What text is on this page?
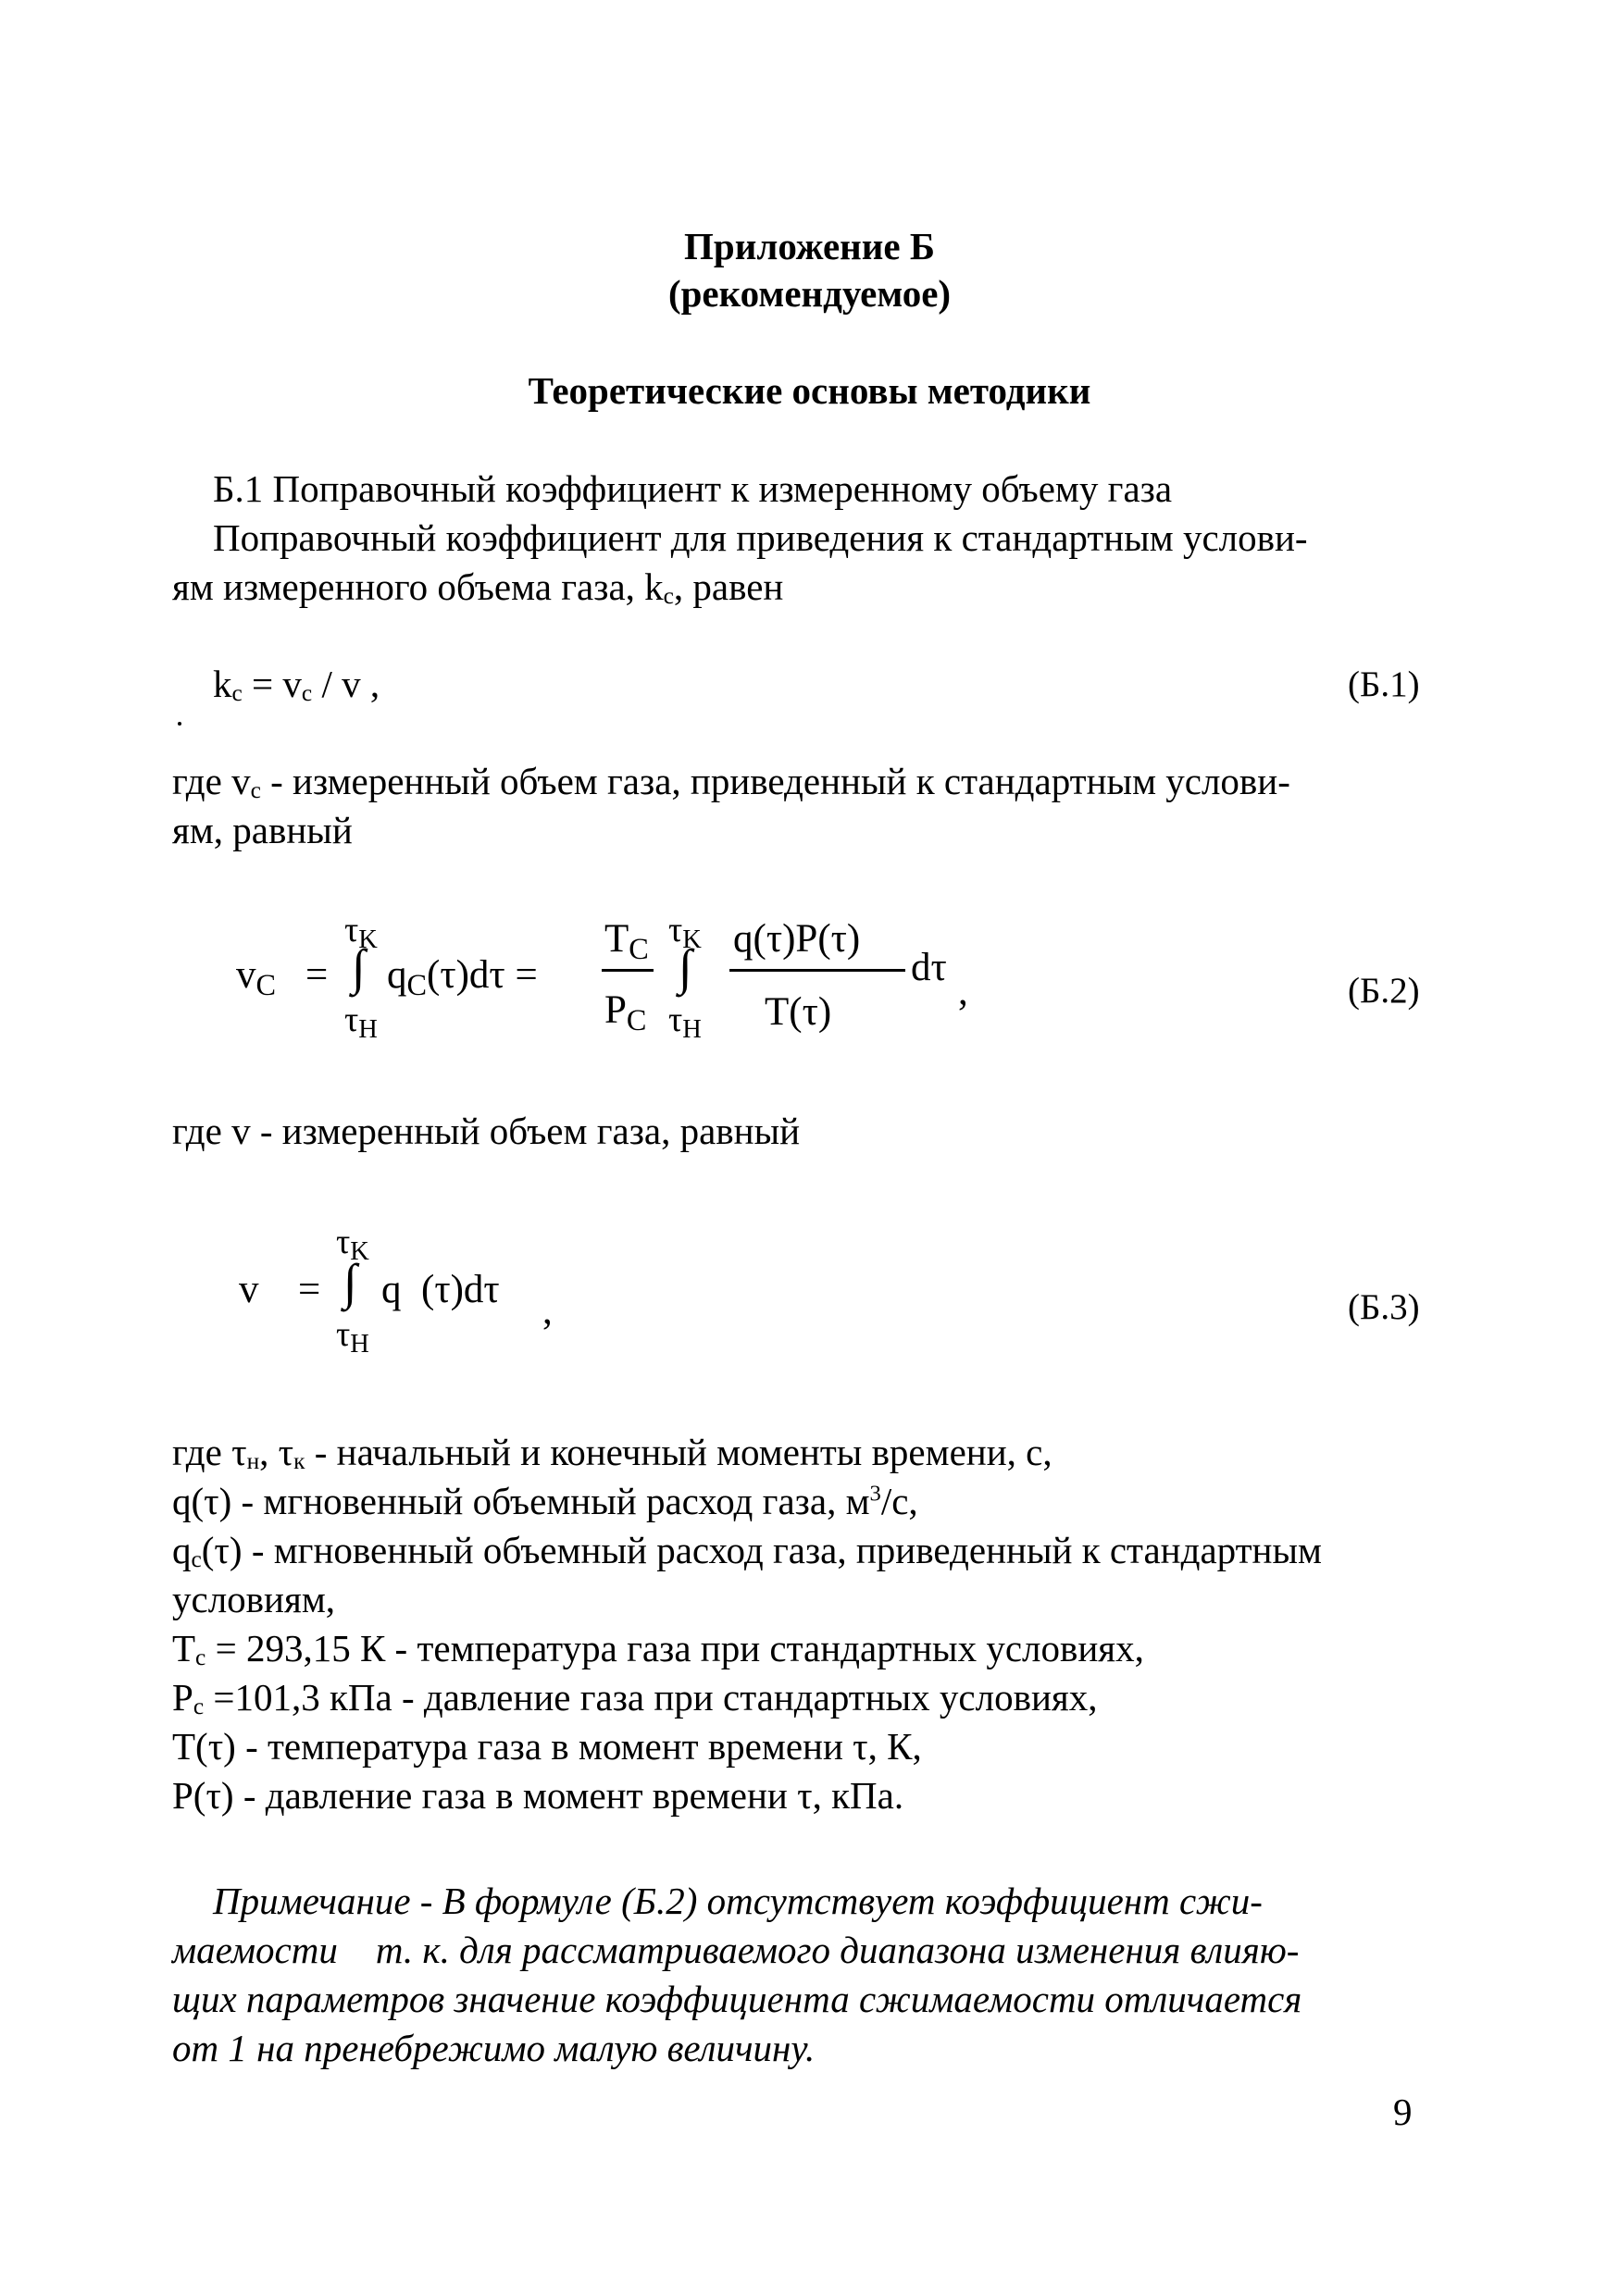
Приложение Б
(рекомендуемое)
Теоретические основы методики
Б.1 Поправочный коэффициент к измеренному объему газа
Поправочный коэффициент для приведения к стандартным услови-
ям измеренного объема газа, $k_c$, равен
$k_c = v_c / v$ ,	(Б.1)
где $v_c$ - измеренный объем газа, приведенный к стандартным услови-
ям, равный
$v_C$ =
$\tau_K$
∫
$\tau_H$
$q_C(\tau)d\tau$ =
$T_C$
$P_C$
$\tau_K$
∫
$\tau_H$
q(τ)P(τ)
T(τ)
dτ
,	(Б.2)
где v - измеренный объем газа, равный
v =
$\tau_K$
∫
$\tau_H$
q  (τ)dτ ,	(Б.3)
где $\tau_н$, $\tau_к$ - начальный и конечный моменты времени, с,
q(τ) - мгновенный объемный расход газа, $м^3/с$,
$q_c(\tau)$ - мгновенный объемный расход газа, приведенный к стандартным
условиям,
$T_c = 293,15$ К - температура газа при стандартных условиях,
$P_c =101,3$ кПа - давление газа при стандартных условиях,
T(τ) - температура газа в момент времени τ, К,
P(τ) - давление газа в момент времени τ, кПа.
Примечание - В формуле (Б.2) отсутствует коэффициент сжи-
маемости    т. к. для рассматриваемого диапазона изменения влияю-
щих параметров значение коэффициента сжимаемости отличается
от 1 на пренебрежимо малую величину.
9
